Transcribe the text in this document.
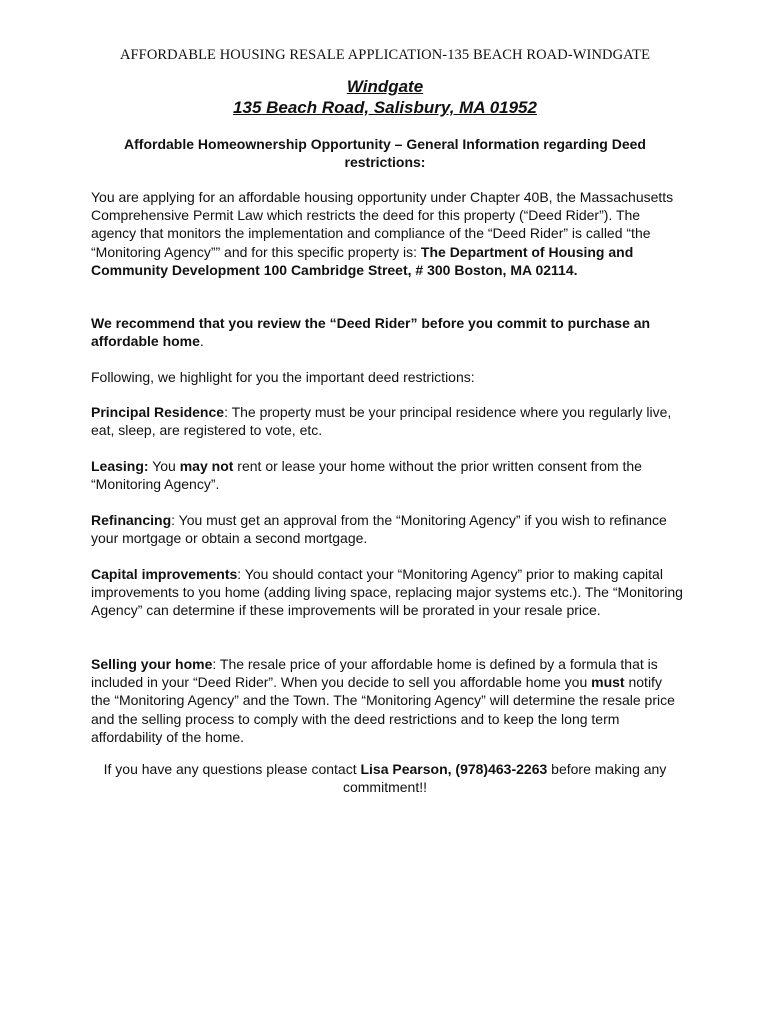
AFFORDABLE HOUSING RESALE APPLICATION-135 BEACH ROAD-WINDGATE
Windgate
135 Beach Road, Salisbury, MA 01952
Affordable Homeownership Opportunity – General Information regarding Deed restrictions:

You are applying for an affordable housing opportunity under Chapter 40B, the Massachusetts Comprehensive Permit Law which restricts the deed for this property (“Deed Rider”). The agency that monitors the implementation and compliance of the “Deed Rider” is called “the “Monitoring Agency”” and for this specific property is: The Department of Housing and Community Development 100 Cambridge Street, # 300 Boston, MA 02114.

We recommend that you review the “Deed Rider” before you commit to purchase an affordable home.

Following, we highlight for you the important deed restrictions:

Principal Residence: The property must be your principal residence where you regularly live, eat, sleep, are registered to vote, etc.

Leasing: You may not rent or lease your home without the prior written consent from the “Monitoring Agency”.

Refinancing: You must get an approval from the “Monitoring Agency” if you wish to refinance your mortgage or obtain a second mortgage.

Capital improvements: You should contact your “Monitoring Agency” prior to making capital improvements to you home (adding living space, replacing major systems etc.). The “Monitoring Agency” can determine if these improvements will be prorated in your resale price.

Selling your home: The resale price of your affordable home is defined by a formula that is included in your “Deed Rider”. When you decide to sell you affordable home you must notify the “Monitoring Agency” and the Town. The “Monitoring Agency” will determine the resale price and the selling process to comply with the deed restrictions and to keep the long term affordability of the home.

If you have any questions please contact Lisa Pearson, (978)463-2263 before making any commitment!!
